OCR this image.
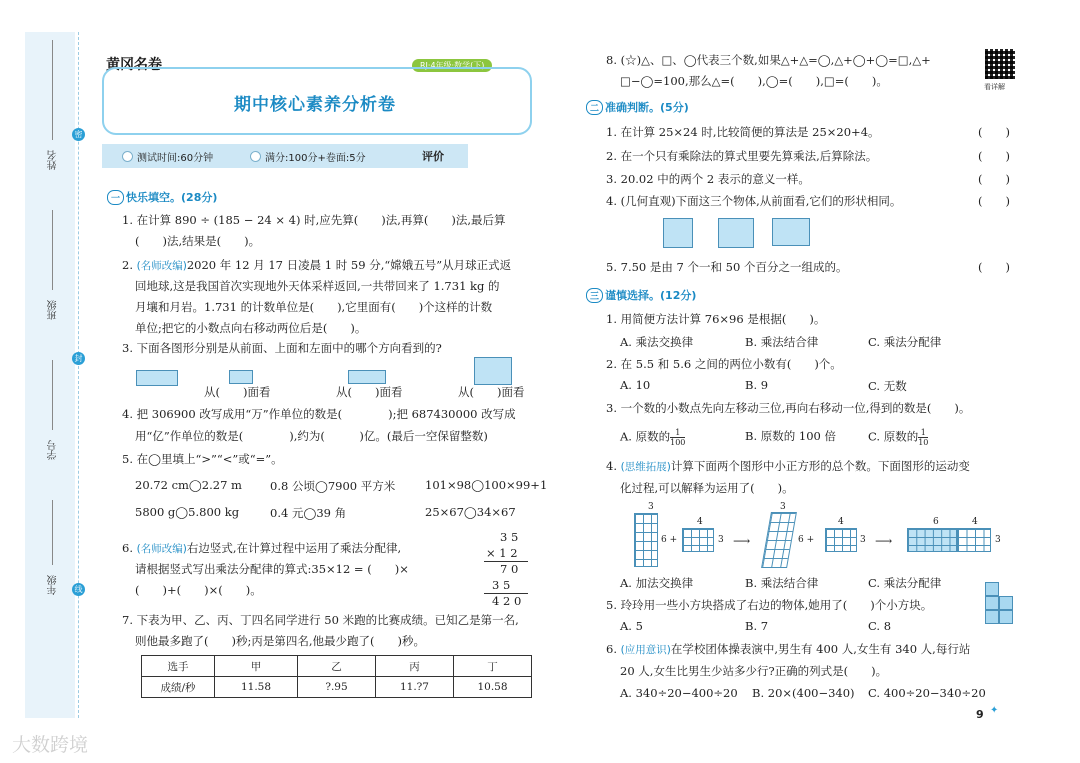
姓名
班级
学号
年级
密
封
线
黄冈名卷	RJ·4年级·数学(下)
期中核心素养分析卷
测试时间:60分钟	满分:100分+卷面:5分	评价
一 快乐填空。(28分)
1. 在计算 890 ÷ (185 − 24 × 4) 时,应先算(　　)法,再算(　　)法,最后算
(　　)法,结果是(　　)。
2. (名师改编)2020 年 12 月 17 日凌晨 1 时 59 分,“嫦娥五号”从月球正式返
回地球,这是我国首次实现地外天体采样返回,一共带回来了 1.731 kg 的
月壤和月岩。1.731 的计数单位是(　　),它里面有(　　)个这样的计数
单位;把它的小数点向右移动两位后是(　　)。
3. 下面各图形分别是从前面、上面和左面中的哪个方向看到的?
从(　　)面看	从(　　)面看	从(　　)面看
4. 把 306900 改写成用“万”作单位的数是(　　　　);把 687430000 改写成
用“亿”作单位的数是(　　　　),约为(　　　)亿。(最后一空保留整数)
5. 在◯里填上“>”“<”或“=”。
20.72 cm◯2.27 m 0.8 公顷◯7900 平方米	101×98◯100×99+1
5800 g◯5.800 kg	0.4 元◯39 角	25×67◯34×67
6. (名师改编)右边竖式,在计算过程中运用了乘法分配律,
请根据竖式写出乘法分配律的算式:35×12 = (　　)×
(　　)+(　　)×(　　)。
3 5
× 1 2
7 0
3 5
4 2 0
7. 下表为甲、乙、丙、丁四名同学进行 50 米跑的比赛成绩。已知乙是第一名,
则他最多跑了(　　)秒;丙是第四名,他最少跑了(　　)秒。
选手	甲	乙	丙	丁
成绩/秒	11.58	?.95	11.?7	10.58
8. (☆)△、□、◯代表三个数,如果△+△=◯,△+◯+◯=□,△+
□−◯=100,那么△=(　　),◯=(　　),□=(　　)。	看详解
二 准确判断。(5分)
1. 在计算 25×24 时,比较简便的算法是 25×20+4。	(　　)
2. 在一个只有乘除法的算式里要先算乘法,后算除法。	(　　)
3. 20.02 中的两个 2 表示的意义一样。	(　　)
4. (几何直观)下面这三个物体,从前面看,它们的形状相同。	(　　)
5. 7.50 是由 7 个一和 50 个百分之一组成的。	(　　)
三 谨慎选择。(12分)
1. 用简便方法计算 76×96 是根据(　　)。
A. 乘法交换律	B. 乘法结合律	C. 乘法分配律
2. 在 5.5 和 5.6 之间的两位小数有(　　)个。
A. 10	B. 9	C. 无数
3. 一个数的小数点先向左移动三位,再向右移动一位,得到的数是(　　)。
A. 原数的 $\frac{1}{100}$	B. 原数的 100 倍	C. 原数的 $\frac{1}{10}$
4. (思维拓展)计算下面两个图形中小正方形的总个数。下面图形的运动变
化过程,可以解释为运用了(　　)。
3
6 +
4
3 ⟶
3
6 +
4
3 ⟶
6	4
3
A. 加法交换律	B. 乘法结合律	C. 乘法分配律
5. 玲玲用一些小方块搭成了右边的物体,她用了(　　)个小方块。
A. 5	B. 7	C. 8
6. (应用意识)在学校团体操表演中,男生有 400 人,女生有 340 人,每行站
20 人,女生比男生少站多少行?正确的列式是(　　)。
A. 340÷20−400÷20 B. 20×(400−340) C. 400÷20−340÷20
9 ✦
大数跨境
